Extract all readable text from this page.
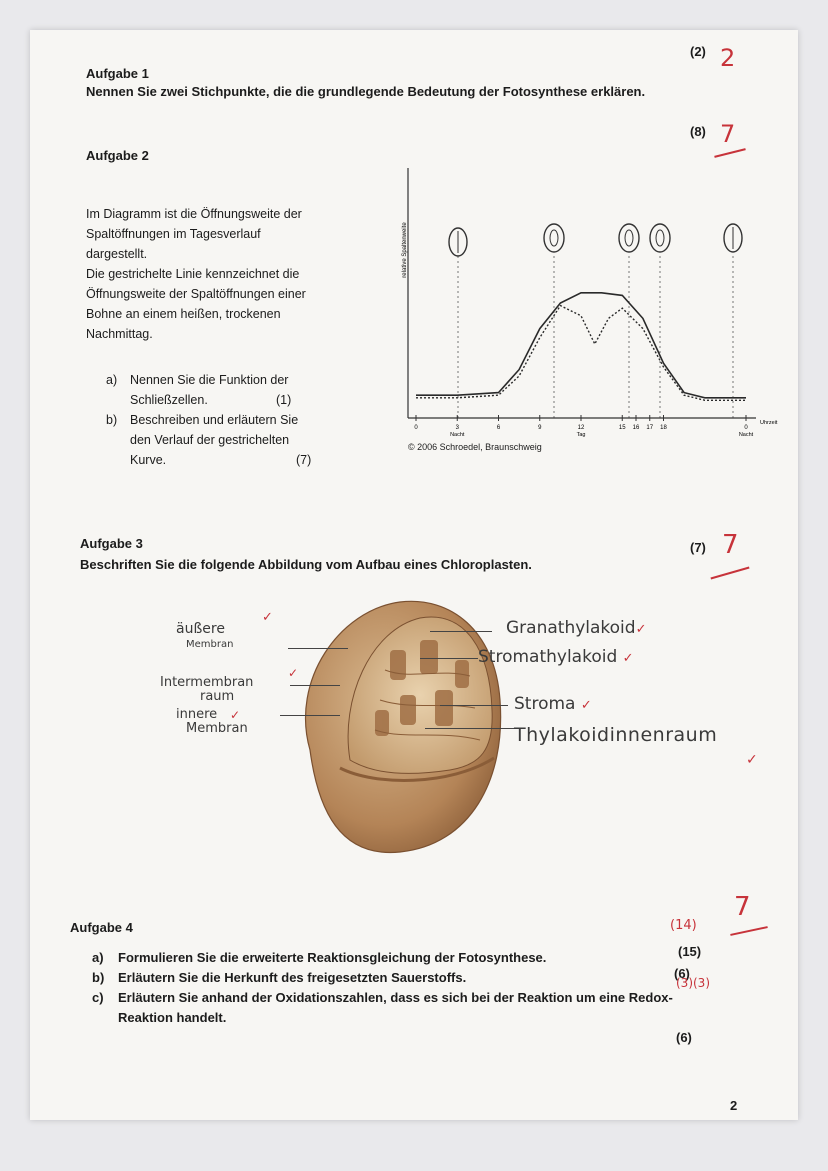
Aufgabe 1
Nennen Sie zwei Stichpunkte, die die grundlegende Bedeutung der Fotosynthese erklären.
(2) 2
Aufgabe 2
(8) 7
Im Diagramm ist die Öffnungsweite der
Spaltöffnungen im Tagesverlauf
dargestellt.
Die gestrichelte Linie kennzeichnet die
Öffnungsweite der Spaltöffnungen einer
Bohne an einem heißen, trockenen
Nachmittag.
a) Nennen Sie die Funktion der
Schließzellen.	(1)
b) Beschreiben und erläutern Sie
den Verlauf der gestrichelten
Kurve.	(7)
relative Spaltenweite
0	3	6	9	12	15 16 17 18	0
Nacht	Tag	Nacht
Uhrzeit
© 2006 Schroedel, Braunschweig
Aufgabe 3
Beschriften Sie die folgende Abbildung vom Aufbau eines Chloroplasten.
(7) 7
äußere
Membran
✓
Intermembran
raum
✓
innere
Membran
✓
Granathylakoid✓
Stromathylakoid ✓
Stroma ✓
Thylakoidinnenraum
✓
Aufgabe 4	(14)
7
a) Formulieren Sie die erweiterte Reaktionsgleichung der Fotosynthese.	(15)
b) Erläutern Sie die Herkunft des freigesetzten Sauerstoffs.	(6)
c) Erläutern Sie anhand der Oxidationszahlen, dass es sich bei der Reaktion um eine Redox-
Reaktion handelt.
(6)
(3)(3)
2
